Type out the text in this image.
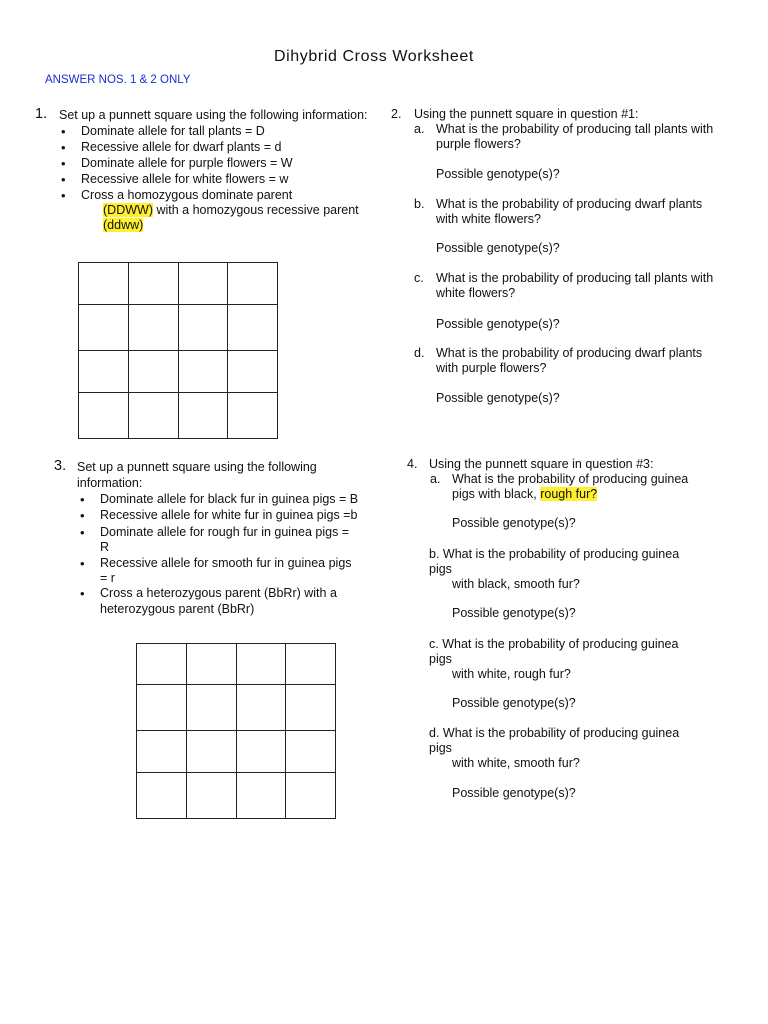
Dihybrid Cross Worksheet
ANSWER NOS. 1 & 2 ONLY
1. Set up a punnett square using the following information:
• Dominate allele for tall plants = D
• Recessive allele for dwarf plants = d
• Dominate allele for purple flowers = W
• Recessive allele for white flowers = w
• Cross a homozygous dominate parent
(DDWW) with a homozygous recessive parent
(ddww)

2. Using the punnett square in question #1:
a. What is the probability of producing tall plants with
purple flowers?
Possible genotype(s)?
b. What is the probability of producing dwarf plants
with white flowers?
Possible genotype(s)?
c. What is the probability of producing tall plants with
white flowers?
Possible genotype(s)?
d. What is the probability of producing dwarf plants
with purple flowers?
Possible genotype(s)?
3. Set up a punnett square using the following
information:
• Dominate allele for black fur in guinea pigs = B
• Recessive allele for white fur in guinea pigs =b
• Dominate allele for rough fur in guinea pigs =
R
• Recessive allele for smooth fur in guinea pigs
= r
• Cross a heterozygous parent (BbRr) with a
heterozygous parent (BbRr)

4. Using the punnett square in question #3:
a. What is the probability of producing guinea
pigs with black, rough fur?
Possible genotype(s)?
b. What is the probability of producing guinea
pigs
with black, smooth fur?
Possible genotype(s)?
c. What is the probability of producing guinea
pigs
with white, rough fur?
Possible genotype(s)?
d. What is the probability of producing guinea
pigs
with white, smooth fur?
Possible genotype(s)?
